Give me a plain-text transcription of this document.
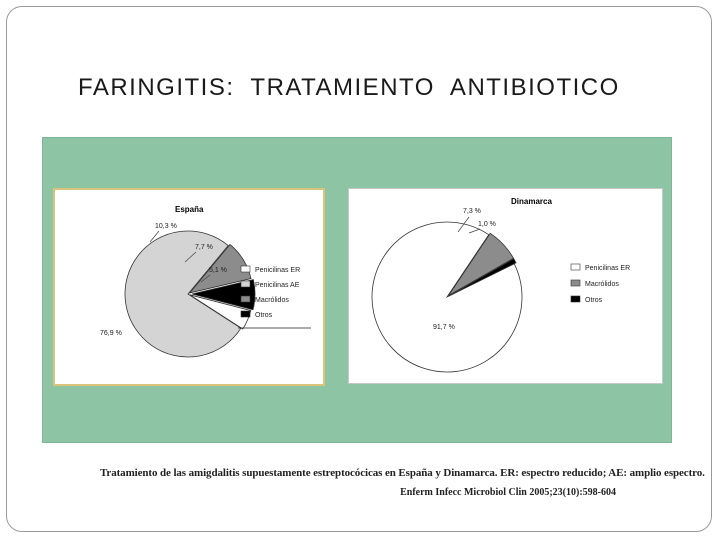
FARINGITIS:  TRATAMIENTO  ANTIBIOTICO
España
5,1 %
76,9 %
10,3 %
7,7 %
Penicilinas ER
Penicilinas AE
Macrólidos
Otros
Dinamarca
91,7 %
7,3 %
1,0 %
Penicilinas ER
Macrólidos
Otros
Tratamiento de las amigdalitis supuestamente estreptocócicas en España y Dinamarca. ER: espectro reducido; AE: amplio espectro.
Enferm Infecc Microbiol Clin 2005;23(10):598-604
